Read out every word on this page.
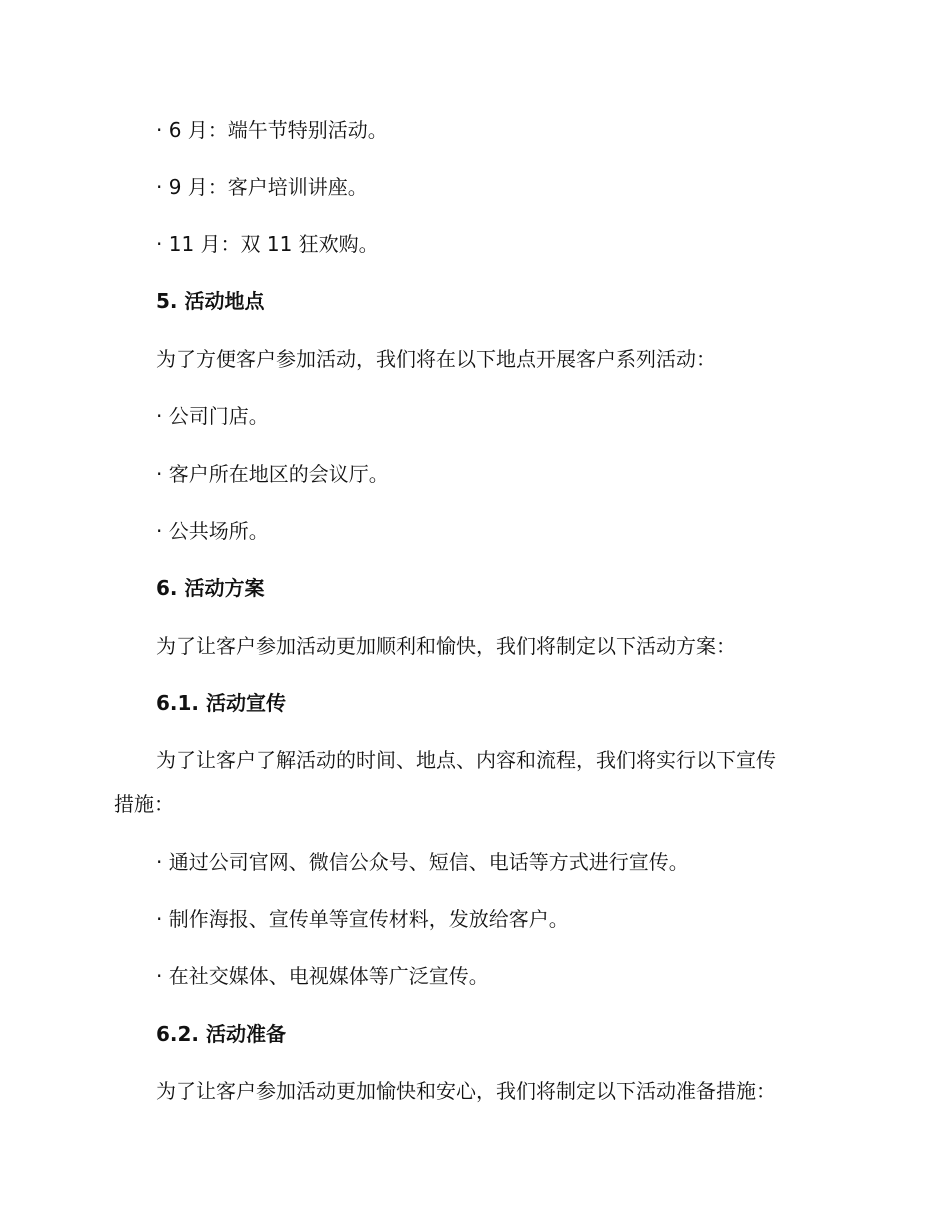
· 6 月：端午节特别活动。
· 9 月：客户培训讲座。
· 11 月：双 11 狂欢购。
5. 活动地点
为了方便客户参加活动，我们将在以下地点开展客户系列活动：
· 公司门店。
· 客户所在地区的会议厅。
· 公共场所。
6. 活动方案
为了让客户参加活动更加顺利和愉快，我们将制定以下活动方案：
6.1. 活动宣传
为了让客户了解活动的时间、地点、内容和流程，我们将实行以下宣传
措施：
· 通过公司官网、微信公众号、短信、电话等方式进行宣传。
· 制作海报、宣传单等宣传材料，发放给客户。
· 在社交媒体、电视媒体等广泛宣传。
6.2. 活动准备
为了让客户参加活动更加愉快和安心，我们将制定以下活动准备措施：
